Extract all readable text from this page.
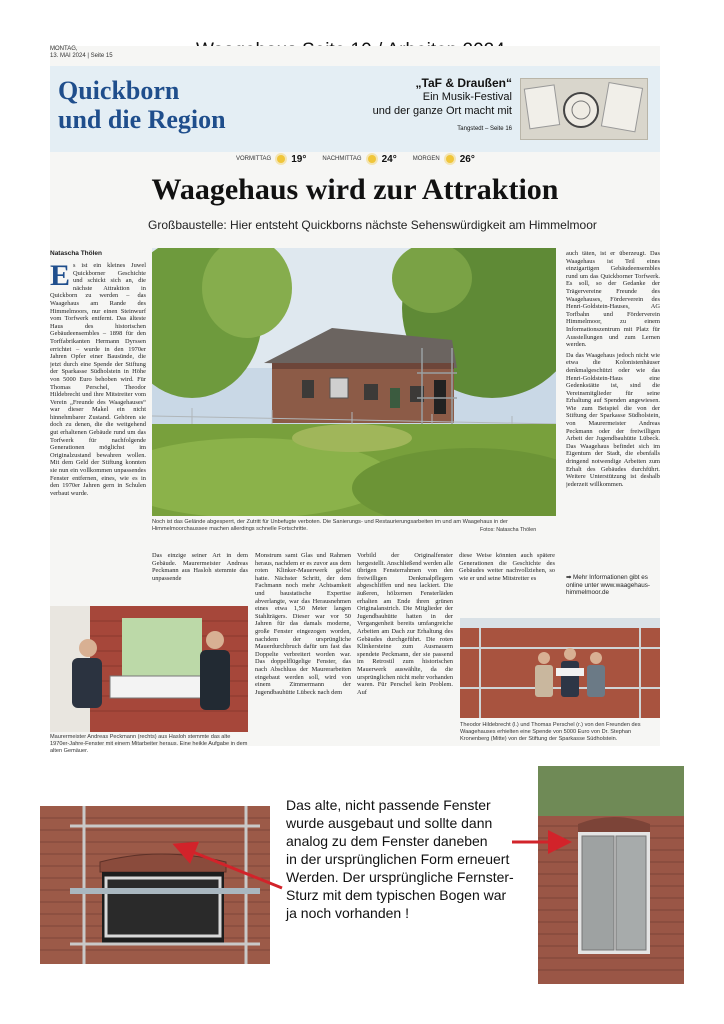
MONTAG,
13. MAI 2024 | Seite 15
Quickborn
und die Region
„TaF & Draußen“
Ein Musik-Festival
und der ganze Ort macht mit
Tangstedt – Seite 16
VORMITTAG 19°	NACHMITTAG 24°	MORGEN 26°
Waagehaus wird zur Attraktion
Großbaustelle: Hier entsteht Quickborns nächste Sehenswürdigkeit am Himmelmoor
Natascha Thölen
Es ist ein kleines Juwel Quickborner Geschichte und schickt sich an, die nächste Attraktion in Quickborn zu werden – das Waagehaus am Rande des Himmelmoors, nur einen Steinwurf vom Torfwerk entfernt. Das älteste Haus des historischen Gebäudeensembles – 1898 für den Torffabrikanten Hermann Dyrssen errichtet – wurde in den 1970er Jahren Opfer einer Bausünde, die jetzt durch eine Spende der Stiftung der Sparkasse Südholstein in Höhe von 5000 Euro behoben wird. Für Thomas Perschel, Theodor Hildebrecht und ihre Mitstreiter vom Verein „Freunde des Waagehauses“ war dieser Makel ein nicht hinnehmbarer Zustand. Gehören sie doch zu denen, die die weitgehend gut erhaltenen Gebäude rund um das Torfwerk für nachfolgende Generationen möglichst im Originalzustand bewahren wollen. Mit dem Geld der Stiftung konnten sie nun ein vollkommen unpassendes Fenster entfernen, eines, wie es in den 1970er Jahren gern in Schulen verbaut wurde.
Noch ist das Gelände abgesperrt, der Zutritt für Unbefugte verboten. Die Sanierungs- und Restaurierungsarbeiten im und am Waagehaus in der Himmelmoorchaussee machen allerdings schnelle Fortschritte.	Fotos: Natascha Thölen

auch täten, ist er überzeugt. Das Waagehaus ist Teil eines einzigartigen Gebäudeensembles rund um das Quickborner Torfwerk. Es soll, so der Gedanke der Trägervereine Freunde des Waagehauses, Förderverein des Henri-Goldstein-Hauses, AG Torfbahn und Förderverein Himmelmoor, zu einem Informationszentrum mit Platz für Ausstellungen und zum Lernen werden.

Da das Waagehaus jedoch nicht wie etwa die Kolonistenhäuser denkmalgeschützt oder wie das Henri-Goldstein-Haus eine Gedenkstätte ist, sind die Vereinsmitglieder für seine Erhaltung auf Spenden angewiesen. Wie zum Beispiel die von der Stiftung der Sparkasse Südholstein, von Maurermeister Andreas Peckmann oder der freiwilligen Arbeit der Jugendbauhütte Lübeck. Das Waagehaus befindet sich im Eigentum der Stadt, die ebenfalls dringend notwendige Arbeiten zum Erhalt des Gebäudes durchführt. Weitere Unterstützung ist deshalb jederzeit willkommen.

➡ Mehr Informationen gibt es online unter www.waagehaus-himmelmoor.de
Das einzige seiner Art in dem Gebäude. Maurermeister Andreas Peckmann aus Hasloh stemmte das unpassende
Monstrum samt Glas und Rahmen heraus, nachdem er es zuvor aus dem roten Klinker-Mauerwerk gelöst hatte. Nächster Schritt, der dem Fachmann noch mehr Achtsamkeit und baustatische Expertise abverlangte, war das Herausnehmen eines etwa 1,50 Meter langen Stahlträgers. Dieser war vor 50 Jahren für das damals moderne, große Fenster eingezogen worden, nachdem der ursprüngliche Mauerdurchbruch dafür um fast das Doppelte verbreitert worden war. Das doppelflügelige Fenster, das nach Abschluss der Maurerarbeiten eingebaut werden soll, wird von einem Zimmermann der Jugendbauhütte Lübeck nach dem
Vorbild der Originalfenster hergestellt. Anschließend werden alle übrigen Fensterrahmen von den freiwilligen Denkmalpflegern abgeschliffen und neu lackiert. Die äußeren, hölzernen Fensterläden erhalten am Ende ihren grünen Originalanstrich. Die Mitglieder der Jugendbauhütte hatten in der Vergangenheit bereits umfangreiche Arbeiten am Dach zur Erhaltung des Gebäudes durchgeführt. Die roten Klinkersteine zum Ausmauern spendete Peckmann, der sie passend im Retrostil zum historischen Mauerwerk auswählte, da die ursprünglichen nicht mehr vorhanden waren. Für Perschel kein Problem. Auf
diese Weise könnten auch spätere Generationen die Geschichte des Gebäudes weiter nachvollziehen, so wie er und seine Mitstreiter es
Maurermeister Andreas Peckmann (rechts) aus Hasloh stemmte das alte 1970er-Jahre-Fenster mit einem Mitarbeiter heraus. Eine heikle Aufgabe in dem alten Gemäuer.
Theodor Hildebrecht (l.) und Thomas Perschel (r.) von den Freunden des Waagehauses erhielten eine Spende von 5000 Euro von Dr. Stephan Kronenberg (Mitte) von der Stiftung der Sparkasse Südholstein.
Das alte, nicht passende Fenster
wurde ausgebaut und sollte dann
analog zu dem Fenster daneben
in der ursprünglichen Form erneuert
Werden. Der ursprüngliche Fernster-
Sturz mit dem typischen Bogen war
ja noch vorhanden !
